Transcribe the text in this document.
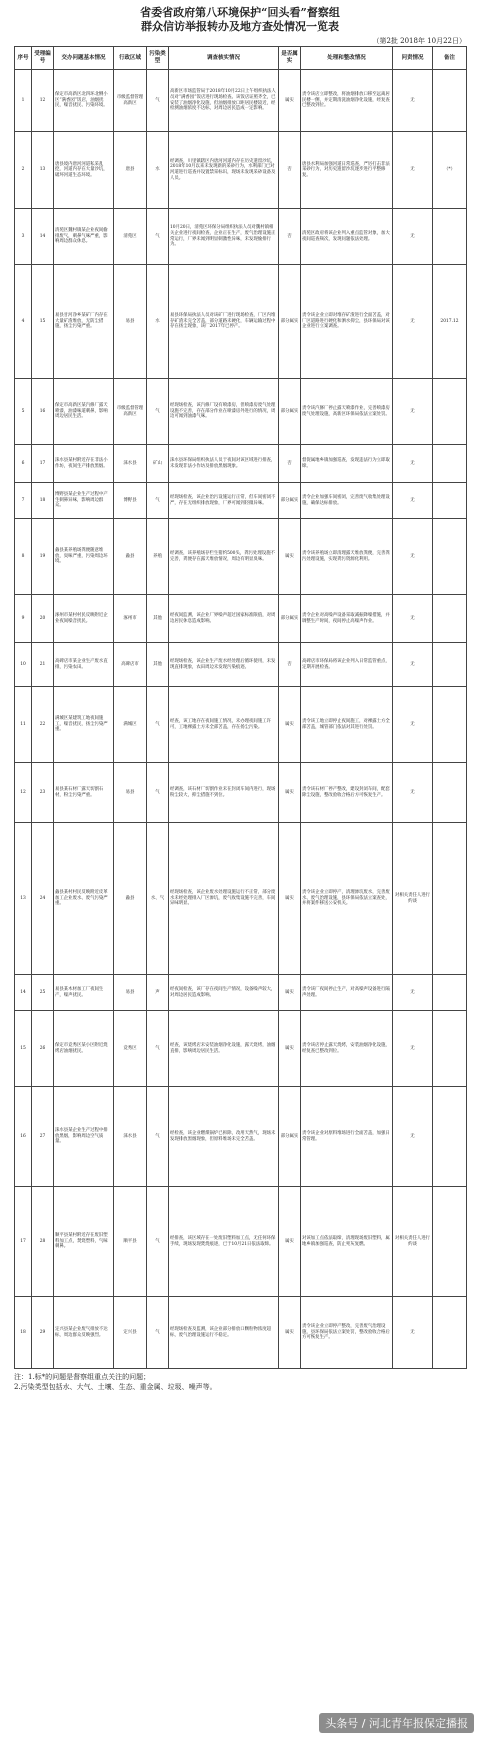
省委省政府第八环境保护“回头看”督察组
群众信访举报转办及地方查处情况一览表
（第2批 2018年 10月22日）
序号	受理编号	交办问题基本情况	行政区域	污染类型	调查核实情况	是否属实	处理和整改情况	问责情况	备注
1	12	保定市高新区北四环北侧小区“满香园”饭店，油烟扰民，噪音扰民、污染环境。	市级监督管理高新区	气	高新区市场监管局于2018年10月22日上午组织执法人员对“满香园”饭店进行现场检查。该饭店证照齐全，已安装了油烟净化设施，但油烟排放口距居民楼较近，经检测油烟浓度不达标，对周边居民造成一定影响。	属实	责令该店立即整改，将油烟排放口移至远离居民楼一侧，并定期清洗油烟净化设施，经复查已整改到位。	无	
2	13	唐县境内唐河河道私采乱挖，河道内存在大量沙坑，破坏河道生态环境。	唐县	水	经调查，川里镇辖区内唐河河道内存在历史遗留沙坑，2018年10月以来未发现新的采砂行为，水利部门已对河道进行巡查并设置禁采标识，现场未发现采砂设备及人员。	否	唐县水利局加强河道日常巡查，严厉打击非法采砂行为，对历史遗留沙坑逐步进行平整修复。	无	（*）
3	14	清苑区魏村镇某企业夜间偷排废气，刺鼻气味严重，影响周边群众休息。	清苑区	气	10月20日，清苑区环保分局组织执法人员对魏村镇相关企业进行夜间检查，企业正在生产，废气治理设施正常运行，厂界未闻到明显刺激性异味，未发现偷排行为。	否	清苑区政府将该企业列入重点监管对象，加大夜间巡查频次，发现问题依法处理。	无	
4	15	易县甘河净乡某矿厂内存在大量矿渣堆放，无防尘措施，扬尘污染严重。	易县	水	易县环保局执法人员对该矿厂进行现场检查，厂区内堆存矿渣未完全苫盖，部分道路未硬化，车辆运输过程中存在扬尘现象，该厂2017年已停产。	部分属实	责令该企业立即对堆存矿渣进行全面苫盖，对厂区道路进行硬化和洒水抑尘，县环保局对该企业进行立案调查。	无	2017.12
5	16	保定市高新区某汽修厂露天喷漆，油漆味道刺鼻，影响周边居民生活。	市级监督管理高新区	气	经现场检查，该汽修厂设有喷漆房，但喷漆房废气处理设施不完善，存在部分作业在喷漆房外进行的情况，周边可闻到油漆气味。	部分属实	责令该汽修厂停止露天喷漆作业，完善喷漆房废气处理设施，高新区环保局依法立案处罚。	无	
6	17	涞水县某村附近存在非法小作坊，夜间生产排放黑烟。	涞水县	矿山	涞水县环保局组织执法人员于夜间对该区域进行排查，未发现非法小作坊及排放黑烟现象。	否	督促属地乡镇加强巡查，发现违法行为立即取缔。	无	
7	18	博野县某企业生产过程中产生刺鼻异味，影响周边群众。	博野县	气	经现场检查，该企业治污设施运行正常，但车间密闭不严，存在无组织排放现象，厂界可闻到轻微异味。	部分属实	责令企业加强车间密闭，完善废气收集处理设施，确保达标排放。	无	
8	19	蠡县某养殖场粪便随意堆放，臭味严重，污染周边环境。	蠡县	养殖	经调查，该养殖场存栏生猪约500头，粪污处理设施不完善，粪便存在露天堆放情况，周边有明显臭味。	属实	责令该养殖场立即清理露天堆放粪便，完善粪污处理设施，实现粪污资源化利用。	无	
9	20	涿州市某村村民反映附近企业夜间噪音扰民。	涿州市	其他	经夜间监测，该企业厂界噪声超过国家标准限值，对周边居民休息造成影响。	部分属实	责令企业对高噪声设备采取减振降噪措施，并调整生产时间，夜间停止高噪声作业。	无	
10	21	高碑店市某企业生产废水直排，污染农田。	高碑店市	其他	经现场检查，该企业生产废水经处理后循环使用，未发现直排现象，农田周边未发现污染痕迹。	否	高碑店市环保局将该企业列入日常监管重点，定期开展检查。	无	
11	22	满城区某建筑工地夜间施工，噪音扰民，扬尘污染严重。	满城区	气	经查，该工地存在夜间施工情况，未办理夜间施工许可，工地裸露土方未全部苫盖，存在扬尘污染。	属实	责令该工地立即停止夜间施工，对裸露土方全部苫盖，城管部门依法对其进行处罚。	无	
12	23	易县某石材厂露天切割石材，粉尘污染严重。	易县	气	经调查，该石材厂切割作业未在封闭车间内进行，现场粉尘较大，抑尘措施不到位。	属实	责令该石材厂停产整改，建设封闭车间，配套除尘设施，整改验收合格后方可恢复生产。	无	
13	24	蠡县某村村民反映附近皮革加工企业废水、废气污染严重。	蠡县	水、气	经现场检查，该企业废水处理设施运行不正常，部分废水未经处理排入厂区渗坑，废气收集设施不完善，车间异味明显。	属实	责令该企业立即停产，清理渗坑废水，完善废水、废气治理设施，县环保局依法立案查处，并将案件移送公安机关。	对相关责任人进行约谈	
14	25	易县某木材加工厂夜间生产，噪声扰民。	易县	声	经夜间检查，该厂存在夜间生产情况，设备噪声较大，对周边居民造成影响。	属实	责令该厂夜间停止生产，对高噪声设备进行隔声处理。	无	
15	26	保定市竞秀区某小区附近烧烤店油烟扰民。	竞秀区	气	经查，该烧烤店未安装油烟净化设施，露天烧烤，油烟直排，影响周边居民生活。	属实	责令该店停止露天烧烤，安装油烟净化设施，经复查已整改到位。	无	
16	27	涞水县某企业生产过程中排放黑烟，影响周边空气质量。	涞水县	气	经检查，该企业燃煤锅炉已拆除，改用天然气，现场未发现排放黑烟现象，但原料堆场未完全苫盖。	部分属实	责令该企业对原料堆场进行全面苫盖，加强日常管理。	无	
17	28	顺平县某村附近存在废旧塑料加工点，焚烧塑料，气味刺鼻。	顺平县	气	经排查，该区域存在一处废旧塑料加工点，无任何环保手续，现场发现焚烧痕迹，已于10月21日依法取缔。	属实	对该加工点依法取缔，清理现场废旧塑料，属地乡镇加强巡查，防止死灰复燃。	对相关责任人进行约谈	
18	29	定兴县某企业废气排放不达标，周边群众反映强烈。	定兴县	气	经现场检查及监测，该企业部分排放口颗粒物浓度超标，废气治理设施运行不稳定。	属实	责令该企业立即停产整改，完善废气治理设施，县环保局依法立案处罚，整改验收合格后方可恢复生产。	无	
注：1.标*的问题是督察组重点关注的问题；
2.污染类型包括水、大气、土壤、生态、重金属、垃圾、噪声等。
头条号 / 河北青年报保定播报
